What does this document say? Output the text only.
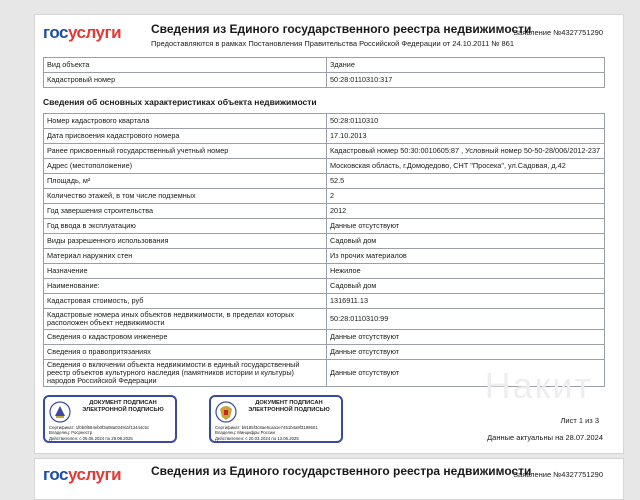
госуслуги Сведения из Единого государственного реестра недвижимости
Предоставляются в рамках Постановления Правительства Российской Федерации от 24.10.2011 № 861
Заявление №4327751290
Вид объекта	Здание
Кадастровый номер	50:28:0110310:317
Сведения об основных характеристиках объекта недвижимости
Номер кадастрового квартала	50:28:0110310
Дата присвоения кадастрового номера	17.10.2013
Ранее присвоенный государственный учетный номер	Кадастровый номер 50:30:0010605:87 , Условный номер 50-50-28/006/2012-237
Адрес (местоположение)	Московская область, г.Домодедово, СНТ "Просека", ул.Садовая, д.42
Площадь, м²	52.5
Количество этажей, в том числе подземных	2
Год завершения строительства	2012
Год ввода в эксплуатацию	Данные отсутствуют
Виды разрешенного использования	Садовый дом
Материал наружних стен	Из прочих материалов
Назначение	Нежилое
Наименование:	Садовый дом
Кадастровая стоимость, руб	1316911.13
Кадастровые номера иных объектов недвижимости, в пределах которых расположен объект недвижимости	50:28:0110310:99
Сведения о кадастровом инженере	Данные отсутствуют
Сведения о правопритязаниях	Данные отсутствуют
Сведения о включении объекта недвижимости в единый государственный реестр объектов культурного наследия (памятников истории и культуры) народов Российской Федерации	Данные отсутствуют Накит
ДОКУМЕНТ ПОДПИСАН ЭЛЕКТРОННОЙ ПОДПИСЬЮ
Сертификат: 1f0b0f584eb0f3a08a034911f13444c5c
Владелец: Росреестр
Действителен: с 05.06.2024 по 29.08.2025
ДОКУМЕНТ ПОДПИСАН ЭЛЕКТРОННОЙ ПОДПИСЬЮ
Сертификат: b5185f3c8ae6caa1e7451b4a9f3199501
Владелец: Минцифры России
Действителен: с 20.03.2024 по 13.06.2025
Лист 1 из 3
Данные актуальны на 28.07.2024
госуслуги Сведения из Единого государственного реестра недвижимости
Заявление №4327751290
